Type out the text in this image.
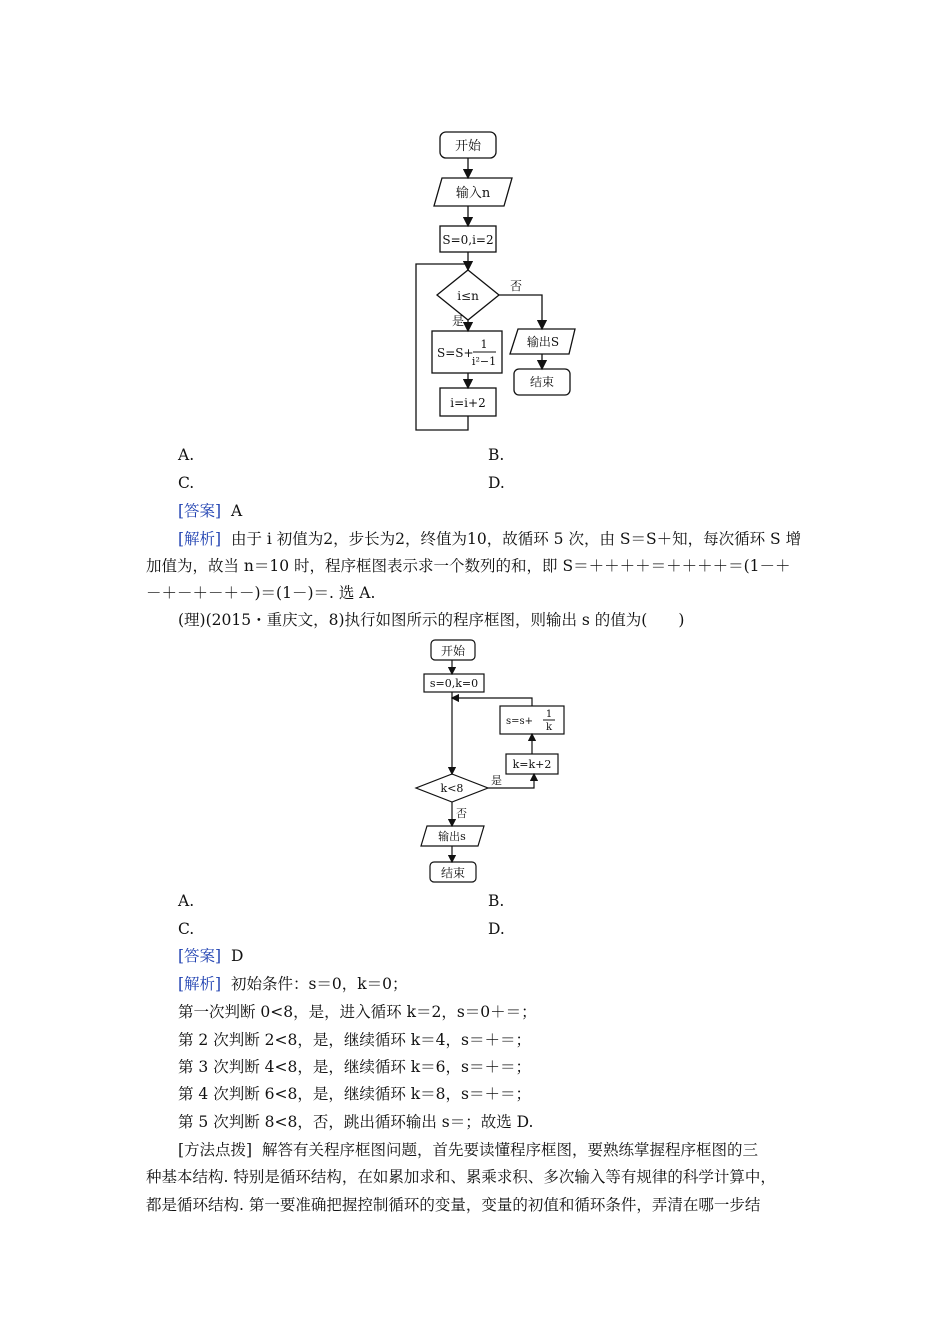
开始
输入n
S=0,i=2
i≤n
否
是
S=S+
1
i²−1
i=i+2
输出S
结束
A.	B.
C.	D.
[答案] A
[解析] 由于 i 初值为2，步长为2，终值为10，故循环 5 次，由 S＝S＋知，每次循环 S 增
加值为，故当 n＝10 时，程序框图表示求一个数列的和，即 S＝＋＋＋＋＝＋＋＋＋＝(1－＋
－＋－＋－＋－)＝(1－)＝. 选 A.
(理)(2015・重庆文，8)执行如图所示的程序框图，则输出 s 的值为(　　)
开始
s=0,k=0
s=s+
1
k
k=k+2
k<8
是
否
输出s
结束
A.	B.
C.	D.
[答案] D
[解析] 初始条件：s＝0，k＝0；
第一次判断 0<8，是，进入循环 k＝2，s＝0＋＝；
第 2 次判断 2<8，是，继续循环 k＝4，s＝＋＝；
第 3 次判断 4<8，是，继续循环 k＝6，s＝＋＝；
第 4 次判断 6<8，是，继续循环 k＝8，s＝＋＝；
第 5 次判断 8<8，否，跳出循环输出 s＝；故选 D.
[方法点拨] 解答有关程序框图问题，首先要读懂程序框图，要熟练掌握程序框图的三
种基本结构. 特别是循环结构，在如累加求和、累乘求积、多次输入等有规律的科学计算中，
都是循环结构. 第一要准确把握控制循环的变量，变量的初值和循环条件，弄清在哪一步结
